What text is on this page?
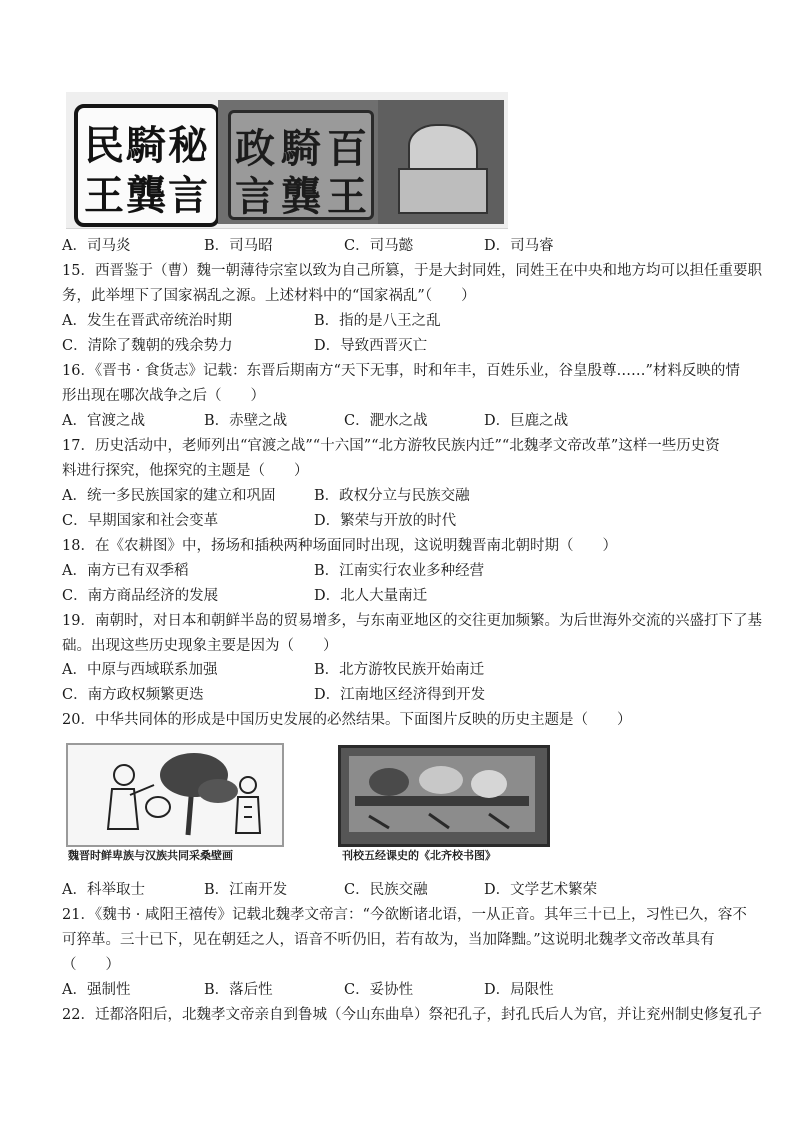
民
王
騎
龔
秘
言
百
王
騎
龔
政
言
A．司马炎	B．司马昭	C．司马懿	D．司马睿
15．西晋鉴于（曹）魏一朝薄待宗室以致为自己所篡，于是大封同姓，同姓王在中央和地方均可以担任重要职
务，此举埋下了国家祸乱之源。上述材料中的“国家祸乱”（　　）
A．发生在晋武帝统治时期	B．指的是八王之乱
C．清除了魏朝的残余势力	D．导致西晋灭亡
16．《晋书 · 食货志》记载：东晋后期南方“天下无事，时和年丰，百姓乐业，谷皇殷尊……”材料反映的情
形出现在哪次战争之后（　　）
A．官渡之战	B．赤壁之战	C．淝水之战	D．巨鹿之战
17．历史活动中，老师列出“官渡之战”“十六国”“北方游牧民族内迁”“北魏孝文帝改革”这样一些历史资
料进行探究，他探究的主题是（　　）
A．统一多民族国家的建立和巩固	B．政权分立与民族交融
C．早期国家和社会变革	D．繁荣与开放的时代
18．在《农耕图》中，扬场和插秧两种场面同时出现，这说明魏晋南北朝时期（　　）
A．南方已有双季稻	B．江南实行农业多种经营
C．南方商品经济的发展	D．北人大量南迁
19．南朝时，对日本和朝鲜半岛的贸易增多，与东南亚地区的交往更加频繁。为后世海外交流的兴盛打下了基
础。出现这些历史现象主要是因为（　　）
A．中原与西域联系加强	B．北方游牧民族开始南迁
C．南方政权频繁更迭	D．江南地区经济得到开发
20．中华共同体的形成是中国历史发展的必然结果。下面图片反映的历史主题是（　　）
魏晋时鲜卑族与汉族共同采桑壁画	刊校五经课史的《北齐校书图》
A．科举取士	B．江南开发	C．民族交融	D．文学艺术繁荣
21．《魏书 · 咸阳王禧传》记载北魏孝文帝言：“今欲断诸北语，一从正音。其年三十已上，习性已久，容不
可猝革。三十已下，见在朝廷之人，语音不听仍旧，若有故为，当加降黜。”这说明北魏孝文帝改革具有
（　　）
A．强制性	B．落后性	C．妥协性	D．局限性
22．迁都洛阳后，北魏孝文帝亲自到鲁城（今山东曲阜）祭祀孔子，封孔氏后人为官，并让兖州制史修复孔子
